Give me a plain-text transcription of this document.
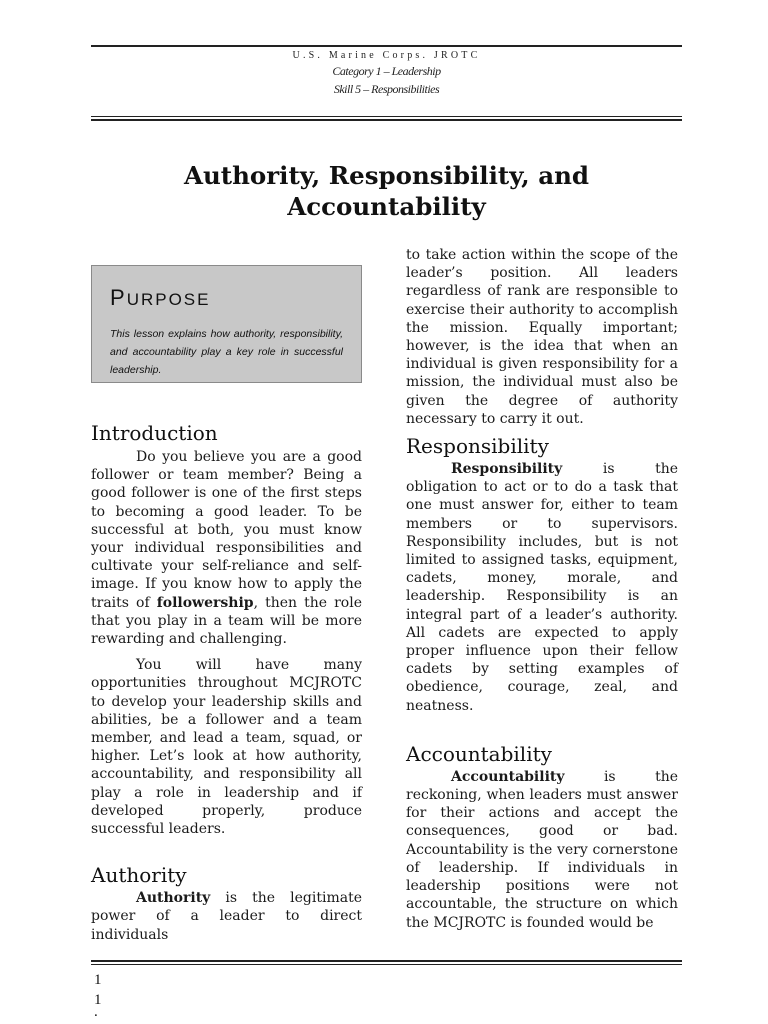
U.S. Marine Corps. JROTC
Category 1 – Leadership
Skill 5 – Responsibilities
Authority, Responsibility, and
Accountability
PURPOSE

This lesson explains how authority, responsibility, and accountability play a key role in successful leadership.

Introduction

Do you believe you are a good follower or team member? Being a good follower is one of the first steps to becoming a good leader. To be successful at both, you must know your individual responsibilities and cultivate your self-reliance and self-image. If you know how to apply the traits of followership, then the role that you play in a team will be more rewarding and challenging.

You will have many opportunities throughout MCJROTC to develop your leadership skills and abilities, be a follower and a team member, and lead a team, squad, or higher. Let’s look at how authority, accountability, and responsibility all play a role in leadership and if developed properly, produce successful leaders.

Authority

Authority is the legitimate power of a leader to direct individuals

to take action within the scope of the leader’s position. All leaders regardless of rank are responsible to exercise their authority to accomplish the mission. Equally important; however, is the idea that when an individual is given responsibility for a mission, the individual must also be given the degree of authority necessary to carry it out.

Responsibility

Responsibility is the obligation to act or to do a task that one must answer for, either to team members or to supervisors. Responsibility includes, but is not limited to assigned tasks, equipment, cadets, money, morale, and leadership. Responsibility is an integral part of a leader’s authority. All cadets are expected to apply proper influence upon their fellow cadets by setting examples of obedience, courage, zeal, and neatness.

Accountability

Accountability is the reckoning, when leaders must answer for their actions and accept the consequences, good or bad. Accountability is the very cornerstone of leadership. If individuals in leadership positions were not accountable, the structure on which the MCJROTC is founded would be

1
1
.
